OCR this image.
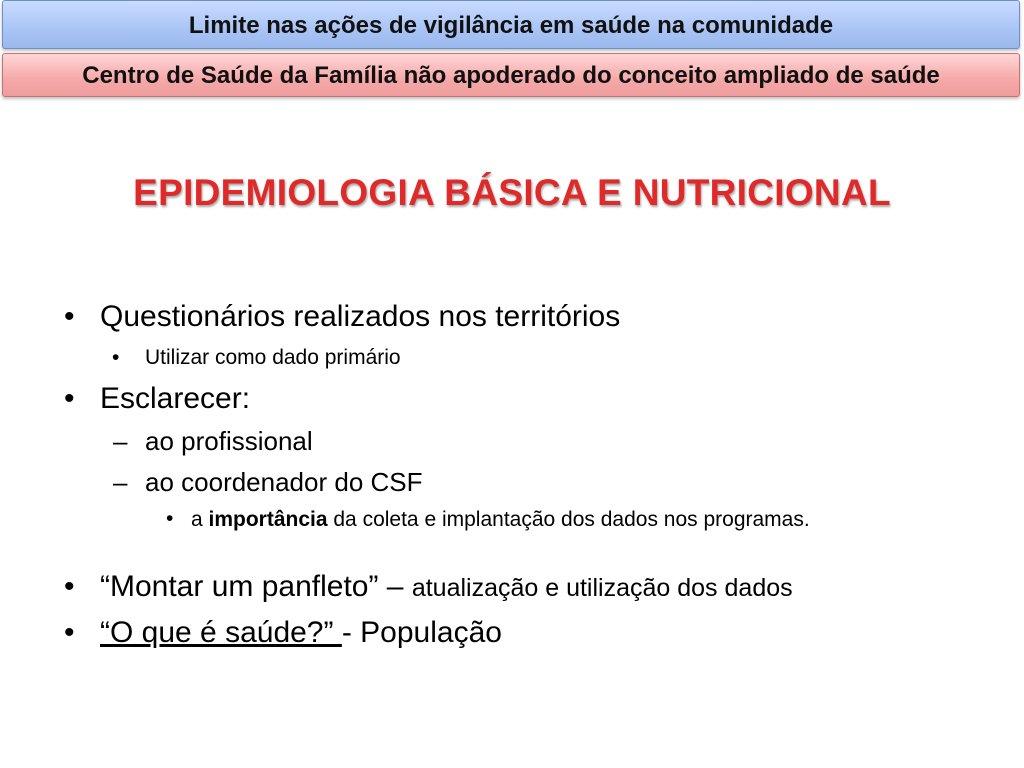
Limite nas ações de vigilância em saúde na comunidade
Centro de Saúde da Família não apoderado do conceito ampliado de saúde
EPIDEMIOLOGIA BÁSICA E NUTRICIONAL
• Questionários realizados nos territórios
• Utilizar como dado primário
• Esclarecer:
– ao profissional
– ao coordenador do CSF
• a importância da coleta e implantação dos dados nos programas.
• “Montar um panfleto” – atualização e utilização dos dados
• “O que é saúde?” - População
